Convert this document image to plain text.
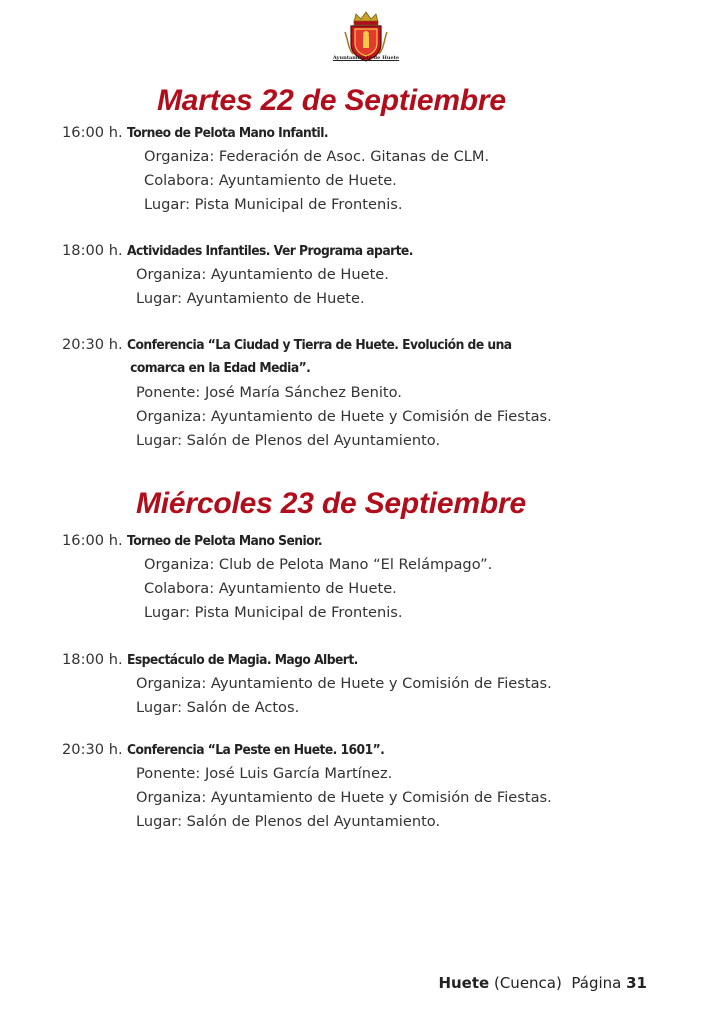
Ayuntamiento de Huete
Martes 22 de Septiembre
16:00 h. Torneo de Pelota Mano Infantil.
Organiza: Federación de Asoc. Gitanas de CLM.
Colabora: Ayuntamiento de Huete.
Lugar: Pista Municipal de Frontenis.
18:00 h. Actividades Infantiles. Ver Programa aparte.
Organiza: Ayuntamiento de Huete.
Lugar: Ayuntamiento de Huete.
20:30 h. Conferencia “La Ciudad y Tierra de Huete. Evolución de una
comarca en la Edad Media”.
Ponente: José María Sánchez Benito.
Organiza: Ayuntamiento de Huete y Comisión de Fiestas.
Lugar: Salón de Plenos del Ayuntamiento.
Miércoles 23 de Septiembre
16:00 h. Torneo de Pelota Mano Senior.
Organiza: Club de Pelota Mano “El Relámpago”.
Colabora: Ayuntamiento de Huete.
Lugar: Pista Municipal de Frontenis.
18:00 h. Espectáculo de Magia. Mago Albert.
Organiza: Ayuntamiento de Huete y Comisión de Fiestas.
Lugar: Salón de Actos.
20:30 h. Conferencia “La Peste en Huete. 1601”.
Ponente: José Luis García Martínez.
Organiza: Ayuntamiento de Huete y Comisión de Fiestas.
Lugar: Salón de Plenos del Ayuntamiento.
Huete (Cuenca) Página 31
